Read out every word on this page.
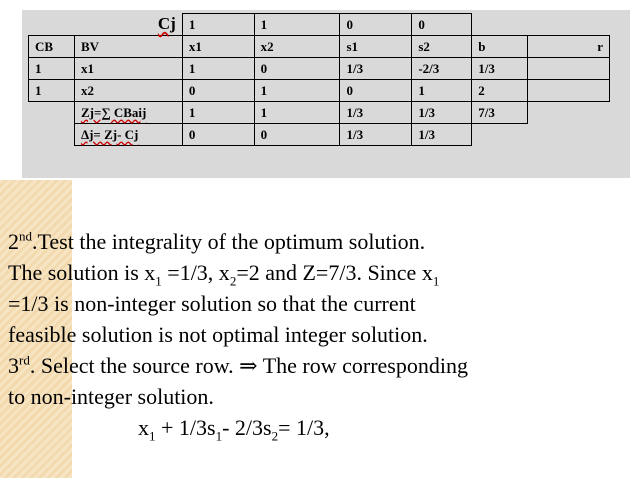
Cj		1	1	0	0		
CB	BV	x1	x2	s1	s2	b	r
1	x1	1	0	1/3	-2/3	1/3	
1	x2	0	1	0	1	2	
	Zj=∑ CBaij	1	1	1/3	1/3	7/3	
	Δj= Zj- Cj	0	0	1/3	1/3		

2nd.Test the integrality of the optimum solution.

The solution is $x_1 =1/3$, $x_2=2$ and Z=7/3. Since $x_1$

=1/3 is non-integer solution so that the current

feasible solution is not optimal integer solution.

3rd. Select the source row. ⇒ The row corresponding

to non-integer solution.

$x_1 + 1/3s_1-$ $2/3s_2= 1/3$,
